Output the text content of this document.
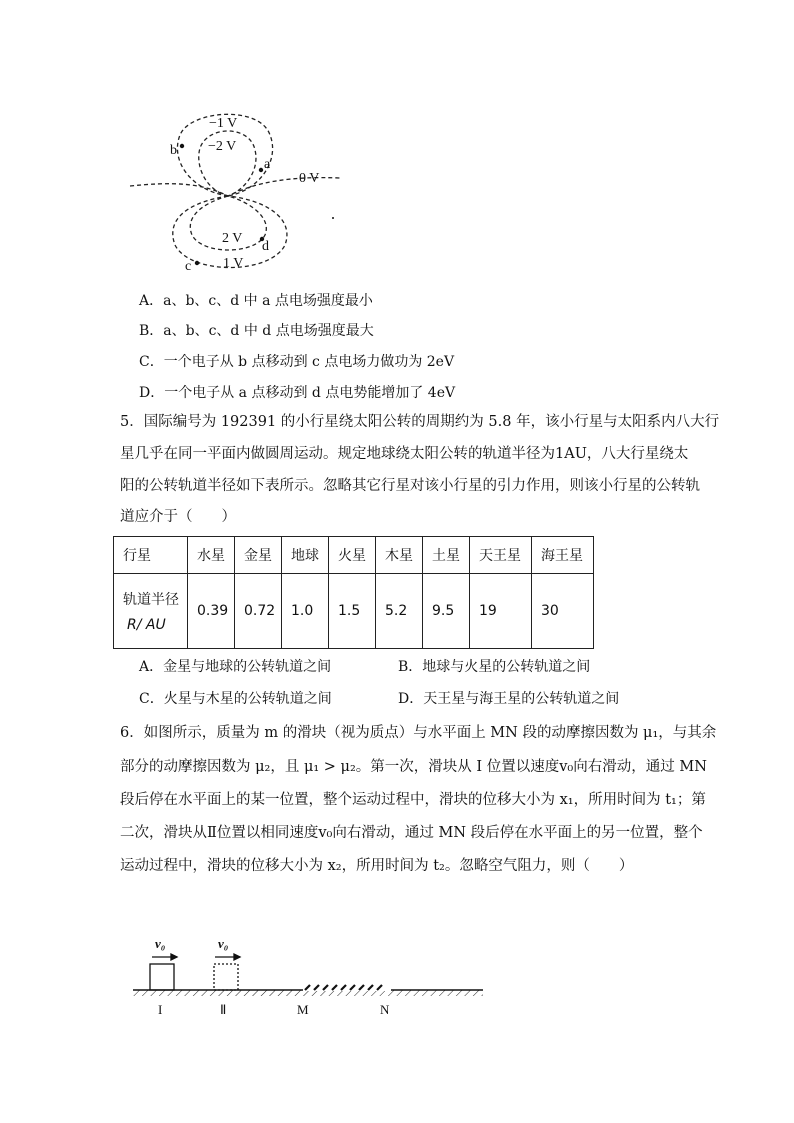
−1 V
−2 V
0 V
2 V
1 V
a
b
c
d
A．a、b、c、d 中 a 点电场强度最小
B．a、b、c、d 中 d 点电场强度最大
C．一个电子从 b 点移动到 c 点电场力做功为 2eV
D．一个电子从 a 点移动到 d 点电势能增加了 4eV
5．国际编号为 192391 的小行星绕太阳公转的周期约为 5.8 年，该小行星与太阳系内八大行
星几乎在同一平面内做圆周运动。规定地球绕太阳公转的轨道半径为1AU，八大行星绕太
阳的公转轨道半径如下表所示。忽略其它行星对该小行星的引力作用，则该小行星的公转轨
道应介于（　　）
行星	水星	金星	地球	火星	木星	土星	天王星	海王星

轨道半径
R/ AU	0.39	0.72	1.0	1.5	5.2	9.5	19	30
A．金星与地球的公转轨道之间	B．地球与火星的公转轨道之间
C．火星与木星的公转轨道之间	D．天王星与海王星的公转轨道之间
6．如图所示，质量为 m 的滑块（视为质点）与水平面上 MN 段的动摩擦因数为 μ₁，与其余
部分的动摩擦因数为 μ₂，且 μ₁ > μ₂。第一次，滑块从 I 位置以速度v₀向右滑动，通过 MN
段后停在水平面上的某一位置，整个运动过程中，滑块的位移大小为 x₁，所用时间为 t₁；第
二次，滑块从Ⅱ位置以相同速度v₀向右滑动，通过 MN 段后停在水平面上的另一位置，整个
运动过程中，滑块的位移大小为 x₂，所用时间为 t₂。忽略空气阻力，则（　　）
v₀	v₀
I	Ⅱ	M	N
